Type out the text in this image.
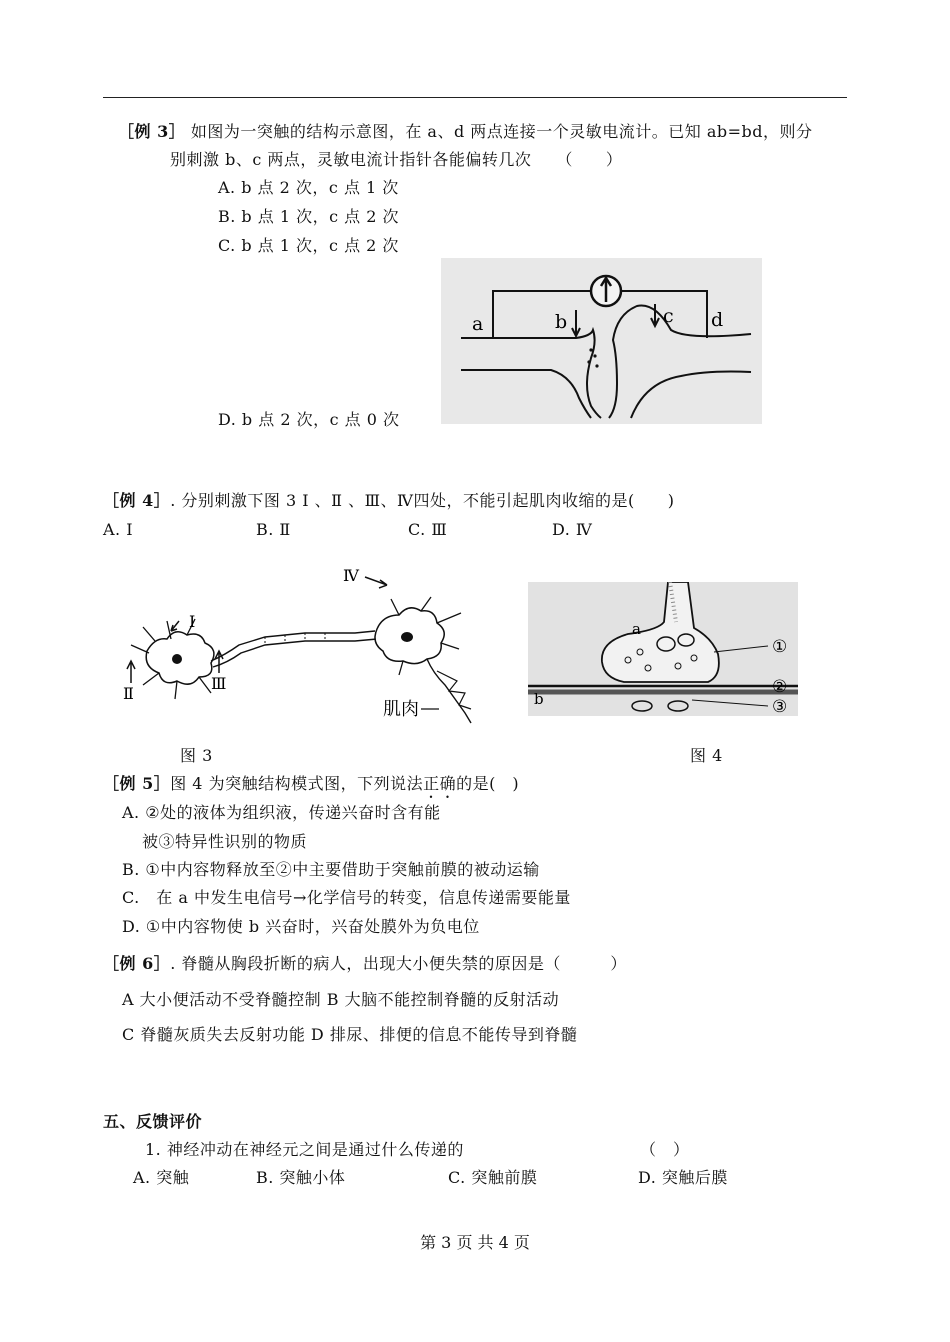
［例 3］ 如图为一突触的结构示意图，在 a、d 两点连接一个灵敏电流计。已知 ab=bd，则分
别刺激 b、c 两点，灵敏电流计指针各能偏转几次　　（　　）
A. b 点 2 次，c 点 1 次
B. b 点 1 次，c 点 2 次
C. b 点 1 次，c 点 2 次
D. b 点 2 次，c 点 0 次
a	b	c d
［例 4］. 分别刺激下图 3 Ⅰ 、Ⅱ 、Ⅲ、Ⅳ四处，不能引起肌肉收缩的是(　　)
A. Ⅰ	B. Ⅱ	C. Ⅲ	D. Ⅳ
Ⅰ
Ⅱ
Ⅲ
Ⅳ
肌肉
a
b
①
②
③
图 3	图 4
［例 5］图 4 为突触结构模式图，下列说法正确的是(　)
A. ②处的液体为组织液，传递兴奋时含有能
被③特异性识别的物质
B. ①中内容物释放至②中主要借助于突触前膜的被动运输
C.　在 a 中发生电信号→化学信号的转变，信息传递需要能量
D. ①中内容物使 b 兴奋时，兴奋处膜外为负电位
［例 6］. 脊髓从胸段折断的病人，出现大小便失禁的原因是（　　　）
A 大小便活动不受脊髓控制 B 大脑不能控制脊髓的反射活动
C 脊髓灰质失去反射功能 D 排尿、排便的信息不能传导到脊髓
五、反馈评价
1. 神经冲动在神经元之间是通过什么传递的	（　）
A. 突触	B. 突触小体	C. 突触前膜	D. 突触后膜
第 3 页 共 4 页
